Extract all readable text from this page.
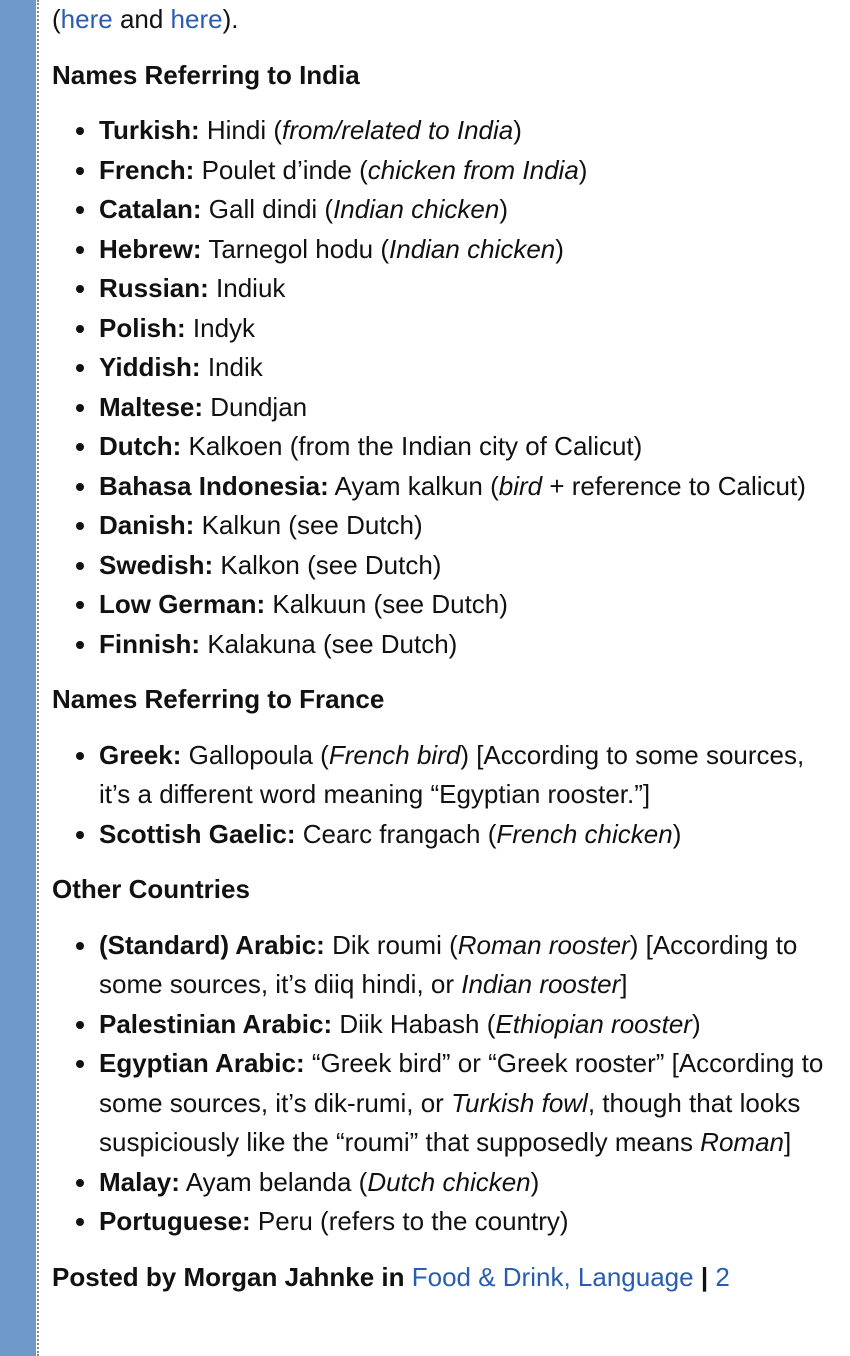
(here and here).

Names Referring to India
• Turkish: Hindi (from/related to India)
• French: Poulet d’inde (chicken from India)
• Catalan: Gall dindi (Indian chicken)
• Hebrew: Tarnegol hodu (Indian chicken)
• Russian: Indiuk
• Polish: Indyk
• Yiddish: Indik
• Maltese: Dundjan
• Dutch: Kalkoen (from the Indian city of Calicut)
• Bahasa Indonesia: Ayam kalkun (bird + reference to Calicut)
• Danish: Kalkun (see Dutch)
• Swedish: Kalkon (see Dutch)
• Low German: Kalkuun (see Dutch)
• Finnish: Kalakuna (see Dutch)
Names Referring to France
• Greek: Gallopoula (French bird) [According to some sources, it’s a different word meaning “Egyptian rooster.”]
• Scottish Gaelic: Cearc frangach (French chicken)
Other Countries
• (Standard) Arabic: Dik roumi (Roman rooster) [According to some sources, it’s diiq hindi, or Indian rooster]
• Palestinian Arabic: Diik Habash (Ethiopian rooster)
• Egyptian Arabic: “Greek bird” or “Greek rooster” [According to some sources, it’s dik-rumi, or Turkish fowl, though that looks suspiciously like the “roumi” that supposedly means Roman]
• Malay: Ayam belanda (Dutch chicken)
• Portuguese: Peru (refers to the country)
Posted by Morgan Jahnke in Food & Drink, Language | 2
